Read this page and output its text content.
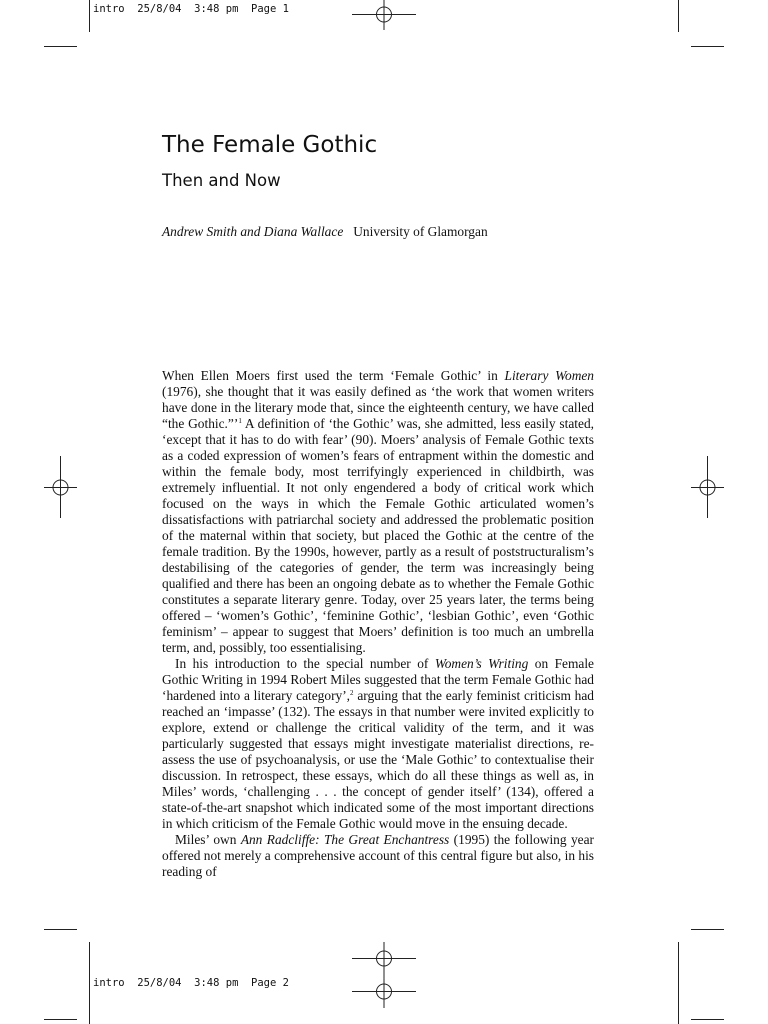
intro  25/8/04  3:48 pm  Page 1
The Female Gothic
Then and Now
Andrew Smith and Diana Wallace University of Glamorgan

When Ellen Moers first used the term ‘Female Gothic’ in Literary Women (1976), she thought that it was easily defined as ‘the work that women writers have done in the literary mode that, since the eighteenth century, we have called “the Gothic.”’$^1$ A definition of ‘the Gothic’ was, she admitted, less easily stated, ‘except that it has to do with fear’ (90). Moers’ analysis of Female Gothic texts as a coded expression of women’s fears of entrapment within the domestic and within the female body, most terrifyingly experienced in childbirth, was extremely influential. It not only engendered a body of critical work which focused on the ways in which the Female Gothic articulated women’s dissatisfactions with patriarchal society and addressed the problematic position of the maternal within that society, but placed the Gothic at the centre of the female tradition. By the 1990s, however, partly as a result of poststructuralism’s destabilising of the categories of gender, the term was increasingly being qualified and there has been an ongoing debate as to whether the Female Gothic constitutes a separate literary genre. Today, over 25 years later, the terms being offered – ‘women’s Gothic’, ‘feminine Gothic’, ‘lesbian Gothic’, even ‘Gothic feminism’ – appear to suggest that Moers’ definition is too much an umbrella term, and, possibly, too essentialising.

In his introduction to the special number of Women’s Writing on Female Gothic Writing in 1994 Robert Miles suggested that the term Female Gothic had ‘hardened into a literary category’,$^2$ arguing that the early feminist criticism had reached an ‘impasse’ (132). The essays in that number were invited explicitly to explore, extend or challenge the critical validity of the term, and it was particularly suggested that essays might investigate materialist directions, re-assess the use of psychoanalysis, or use the ‘Male Gothic’ to contextualise their discussion. In retrospect, these essays, which do all these things as well as, in Miles’ words, ‘challenging . . . the concept of gender itself’ (134), offered a state-of-the-art snapshot which indicated some of the most important directions in which criticism of the Female Gothic would move in the ensuing decade.

Miles’ own Ann Radcliffe: The Great Enchantress (1995) the following year offered not merely a comprehensive account of this central figure but also, in his reading of

intro  25/8/04  3:48 pm  Page 2
